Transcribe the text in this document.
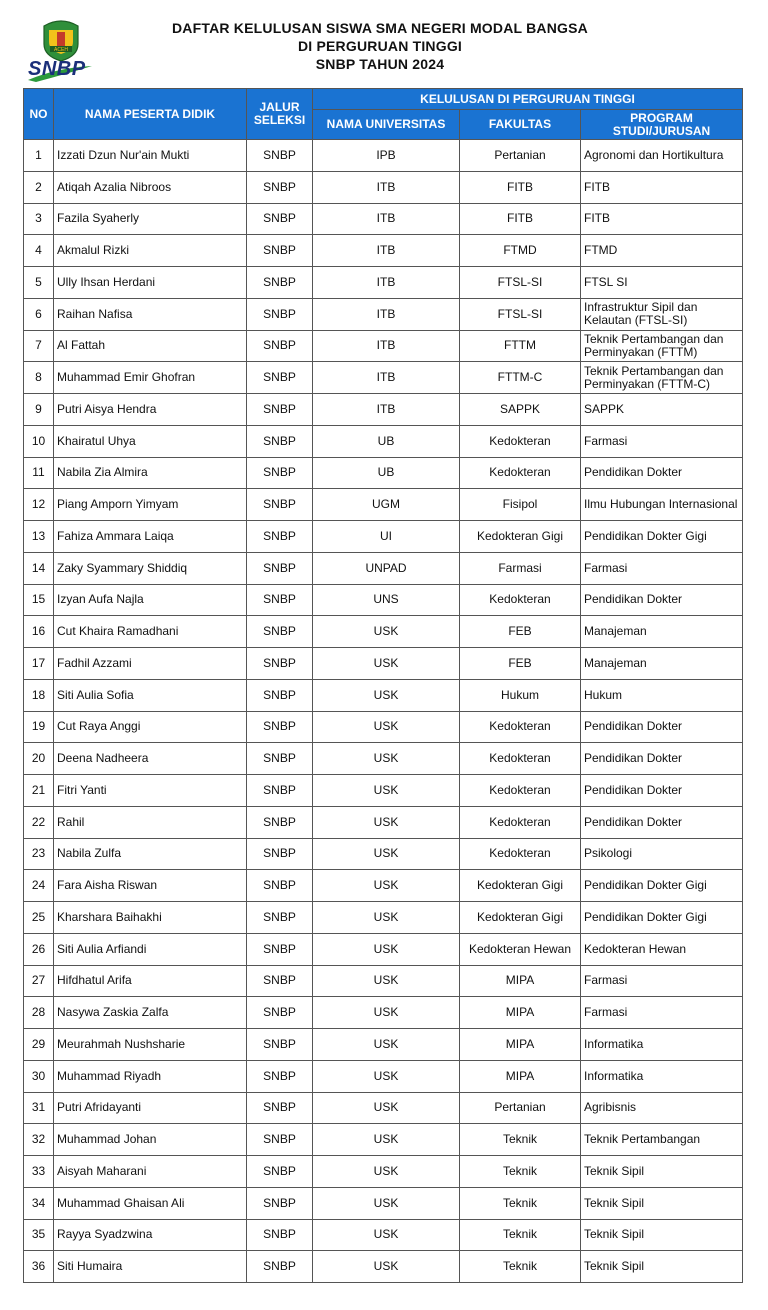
ACEH
SNBP
DAFTAR KELULUSAN SISWA SMA NEGERI MODAL BANGSA
DI PERGURUAN TINGGI
SNBP TAHUN 2024
NO	NAMA PESERTA DIDIK	JALUR SELEKSI	KELULUSAN DI PERGURUAN TINGGI		
			NAMA UNIVERSITAS	FAKULTAS	PROGRAM STUDI/JURUSAN
1	Izzati Dzun Nur'ain Mukti	SNBP	IPB	Pertanian	Agronomi dan Hortikultura
2	Atiqah Azalia Nibroos	SNBP	ITB	FITB	FITB
3	Fazila Syaherly	SNBP	ITB	FITB	FITB
4	Akmalul Rizki	SNBP	ITB	FTMD	FTMD
5	Ully Ihsan Herdani	SNBP	ITB	FTSL-SI	FTSL SI
6	Raihan Nafisa	SNBP	ITB	FTSL-SI	Infrastruktur Sipil dan Kelautan (FTSL-SI)
7	Al Fattah	SNBP	ITB	FTTM	Teknik Pertambangan dan Perminyakan (FTTM)
8	Muhammad Emir Ghofran	SNBP	ITB	FTTM-C	Teknik Pertambangan dan Perminyakan (FTTM-C)
9	Putri Aisya Hendra	SNBP	ITB	SAPPK	SAPPK
10	Khairatul Uhya	SNBP	UB	Kedokteran	Farmasi
11	Nabila Zia Almira	SNBP	UB	Kedokteran	Pendidikan Dokter
12	Piang Amporn Yimyam	SNBP	UGM	Fisipol	Ilmu Hubungan Internasional
13	Fahiza Ammara Laiqa	SNBP	UI	Kedokteran Gigi	Pendidikan Dokter Gigi
14	Zaky Syammary Shiddiq	SNBP	UNPAD	Farmasi	Farmasi
15	Izyan Aufa Najla	SNBP	UNS	Kedokteran	Pendidikan Dokter
16	Cut Khaira Ramadhani	SNBP	USK	FEB	Manajeman
17	Fadhil Azzami	SNBP	USK	FEB	Manajeman
18	Siti Aulia Sofia	SNBP	USK	Hukum	Hukum
19	Cut Raya Anggi	SNBP	USK	Kedokteran	Pendidikan Dokter
20	Deena Nadheera	SNBP	USK	Kedokteran	Pendidikan Dokter
21	Fitri Yanti	SNBP	USK	Kedokteran	Pendidikan Dokter
22	Rahil	SNBP	USK	Kedokteran	Pendidikan Dokter
23	Nabila Zulfa	SNBP	USK	Kedokteran	Psikologi
24	Fara Aisha Riswan	SNBP	USK	Kedokteran Gigi	Pendidikan Dokter Gigi
25	Kharshara Baihakhi	SNBP	USK	Kedokteran Gigi	Pendidikan Dokter Gigi
26	Siti Aulia Arfiandi	SNBP	USK	Kedokteran Hewan	Kedokteran Hewan
27	Hifdhatul Arifa	SNBP	USK	MIPA	Farmasi
28	Nasywa Zaskia Zalfa	SNBP	USK	MIPA	Farmasi
29	Meurahmah Nushsharie	SNBP	USK	MIPA	Informatika
30	Muhammad Riyadh	SNBP	USK	MIPA	Informatika
31	Putri Afridayanti	SNBP	USK	Pertanian	Agribisnis
32	Muhammad Johan	SNBP	USK	Teknik	Teknik Pertambangan
33	Aisyah Maharani	SNBP	USK	Teknik	Teknik Sipil
34	Muhammad Ghaisan Ali	SNBP	USK	Teknik	Teknik Sipil
35	Rayya Syadzwina	SNBP	USK	Teknik	Teknik Sipil
36	Siti Humaira	SNBP	USK	Teknik	Teknik Sipil
